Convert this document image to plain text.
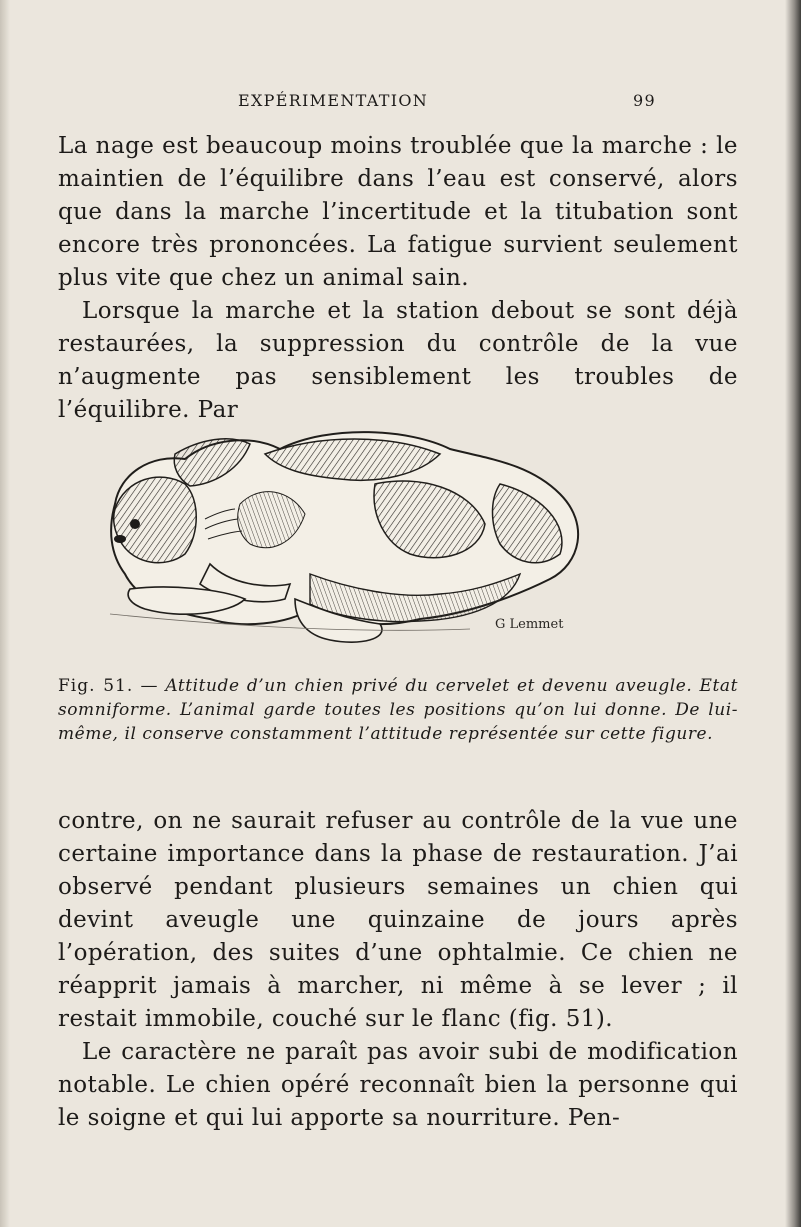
EXPÉRIMENTATION	99

La nage est beaucoup moins troublée que la marche : le maintien de l’équilibre dans l’eau est conservé, alors que dans la marche l’incertitude et la titubation sont encore très prononcées. La fatigue survient seulement plus vite que chez un animal sain.

Lorsque la marche et la station debout se sont déjà restaurées, la suppression du contrôle de la vue n’augmente pas sensiblement les troubles de l’équilibre. Par

G Lemmet

Fig. 51. — Attitude d’un chien privé du cervelet et devenu aveugle. Etat somniforme. L’animal garde toutes les positions qu’on lui donne. De lui-même, il conserve constamment l’attitude représentée sur cette figure.

contre, on ne saurait refuser au contrôle de la vue une certaine importance dans la phase de restauration. J’ai observé pendant plusieurs semaines un chien qui devint aveugle une quinzaine de jours après l’opération, des suites d’une ophtalmie. Ce chien ne réapprit jamais à marcher, ni même à se lever ; il restait immobile, couché sur le flanc (fig. 51).

Le caractère ne paraît pas avoir subi de modification notable. Le chien opéré reconnaît bien la personne qui le soigne et qui lui apporte sa nourriture. Pen-
